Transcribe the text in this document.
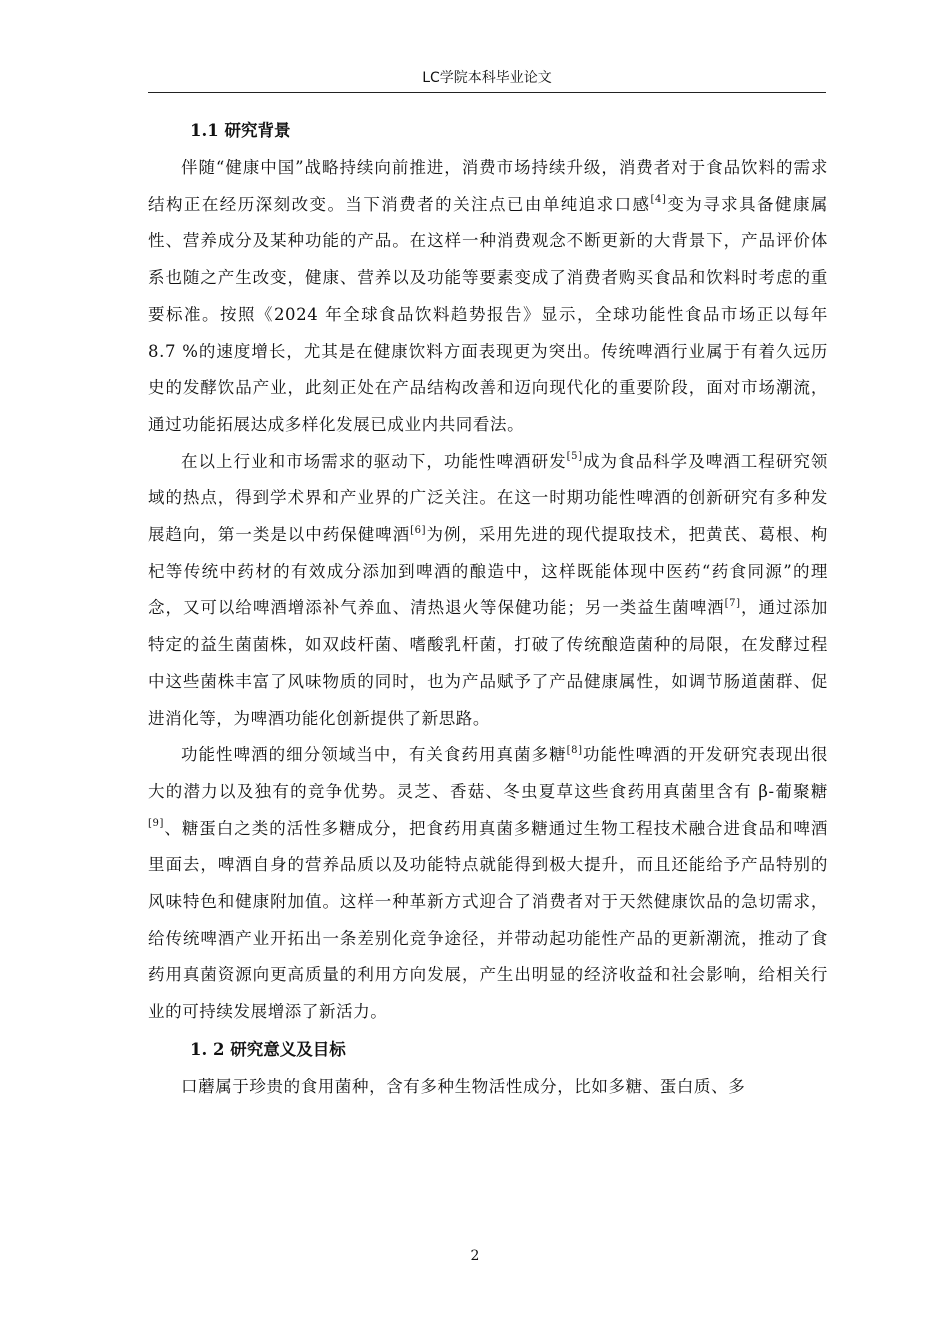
LC学院本科毕业论文
1.1 研究背景

伴随“健康中国”战略持续向前推进，消费市场持续升级，消费者对于食品饮料的需求结构正在经历深刻改变。当下消费者的关注点已由单纯追求口感[4]变为寻求具备健康属性、营养成分及某种功能的产品。在这样一种消费观念不断更新的大背景下，产品评价体系也随之产生改变，健康、营养以及功能等要素变成了消费者购买食品和饮料时考虑的重要标准。按照《2024 年全球食品饮料趋势报告》显示，全球功能性食品市场正以每年 8.7 %的速度增长，尤其是在健康饮料方面表现更为突出。传统啤酒行业属于有着久远历史的发酵饮品产业，此刻正处在产品结构改善和迈向现代化的重要阶段，面对市场潮流，通过功能拓展达成多样化发展已成业内共同看法。

在以上行业和市场需求的驱动下，功能性啤酒研发[5]成为食品科学及啤酒工程研究领域的热点，得到学术界和产业界的广泛关注。在这一时期功能性啤酒的创新研究有多种发展趋向，第一类是以中药保健啤酒[6]为例，采用先进的现代提取技术，把黄芪、葛根、枸杞等传统中药材的有效成分添加到啤酒的酿造中，这样既能体现中医药“药食同源”的理念，又可以给啤酒增添补气养血、清热退火等保健功能；另一类益生菌啤酒[7]，通过添加特定的益生菌菌株，如双歧杆菌、嗜酸乳杆菌，打破了传统酿造菌种的局限，在发酵过程中这些菌株丰富了风味物质的同时，也为产品赋予了产品健康属性，如调节肠道菌群、促进消化等，为啤酒功能化创新提供了新思路。

功能性啤酒的细分领域当中，有关食药用真菌多糖[8]功能性啤酒的开发研究表现出很大的潜力以及独有的竞争优势。灵芝、香菇、冬虫夏草这些食药用真菌里含有 β-葡聚糖[9]、糖蛋白之类的活性多糖成分，把食药用真菌多糖通过生物工程技术融合进食品和啤酒里面去，啤酒自身的营养品质以及功能特点就能得到极大提升，而且还能给予产品特别的风味特色和健康附加值。这样一种革新方式迎合了消费者对于天然健康饮品的急切需求，给传统啤酒产业开拓出一条差别化竞争途径，并带动起功能性产品的更新潮流，推动了食药用真菌资源向更高质量的利用方向发展，产生出明显的经济收益和社会影响，给相关行业的可持续发展增添了新活力。

1. 2 研究意义及目标

口蘑属于珍贵的食用菌种，含有多种生物活性成分，比如多糖、蛋白质、多

2
